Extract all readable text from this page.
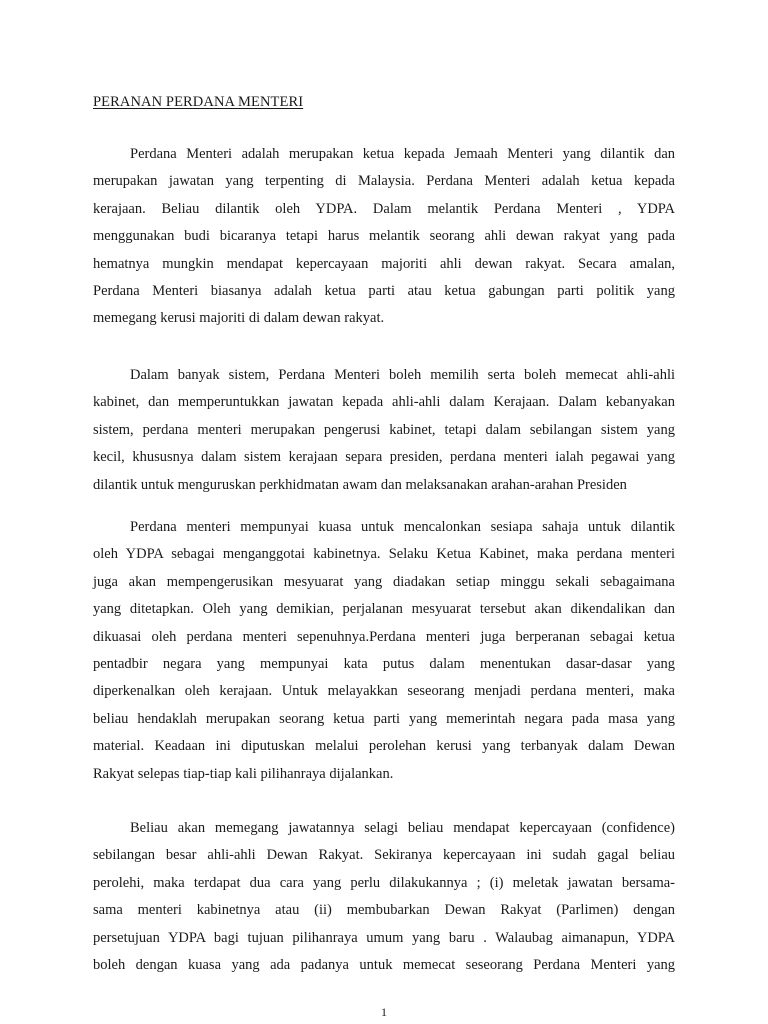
PERANAN PERDANA MENTERI
Perdana Menteri adalah merupakan ketua kepada Jemaah Menteri yang dilantik dan
merupakan jawatan yang terpenting di Malaysia. Perdana Menteri adalah ketua kepada
kerajaan. Beliau dilantik oleh YDPA. Dalam melantik Perdana Menteri , YDPA
menggunakan budi bicaranya tetapi harus melantik seorang ahli dewan rakyat yang pada
hematnya mungkin mendapat kepercayaan majoriti ahli dewan rakyat. Secara amalan,
Perdana Menteri biasanya adalah ketua parti atau ketua gabungan parti politik yang
memegang kerusi majoriti di dalam dewan rakyat.
Dalam banyak sistem, Perdana Menteri boleh memilih serta boleh memecat ahli-ahli
kabinet, dan memperuntukkan jawatan kepada ahli-ahli dalam Kerajaan. Dalam kebanyakan
sistem, perdana menteri merupakan pengerusi kabinet, tetapi dalam sebilangan sistem yang
kecil, khususnya dalam sistem kerajaan separa presiden, perdana menteri ialah pegawai yang
dilantik untuk menguruskan perkhidmatan awam dan melaksanakan arahan-arahan Presiden
Perdana menteri mempunyai kuasa untuk mencalonkan sesiapa sahaja untuk dilantik
oleh YDPA sebagai menganggotai kabinetnya. Selaku Ketua Kabinet, maka perdana menteri
juga akan mempengerusikan mesyuarat yang diadakan setiap minggu sekali sebagaimana
yang ditetapkan. Oleh yang demikian, perjalanan mesyuarat tersebut akan dikendalikan dan
dikuasai oleh perdana menteri sepenuhnya.Perdana menteri juga berperanan sebagai ketua
pentadbir negara yang mempunyai kata putus dalam menentukan dasar-dasar yang
diperkenalkan oleh kerajaan. Untuk melayakkan seseorang menjadi perdana menteri, maka
beliau hendaklah merupakan seorang ketua parti yang memerintah negara pada masa yang
material. Keadaan ini diputuskan melalui perolehan kerusi yang terbanyak dalam Dewan
Rakyat selepas tiap-tiap kali pilihanraya dijalankan.
Beliau akan memegang jawatannya selagi beliau mendapat kepercayaan (confidence)
sebilangan besar ahli-ahli Dewan Rakyat. Sekiranya kepercayaan ini sudah gagal beliau
perolehi, maka terdapat dua cara yang perlu dilakukannya ; (i) meletak jawatan bersama-
sama menteri kabinetnya atau (ii) membubarkan Dewan Rakyat (Parlimen) dengan
persetujuan YDPA bagi tujuan pilihanraya umum yang baru . Walaubag aimanapun, YDPA
boleh dengan kuasa yang ada padanya untuk memecat seseorang Perdana Menteri yang
1
